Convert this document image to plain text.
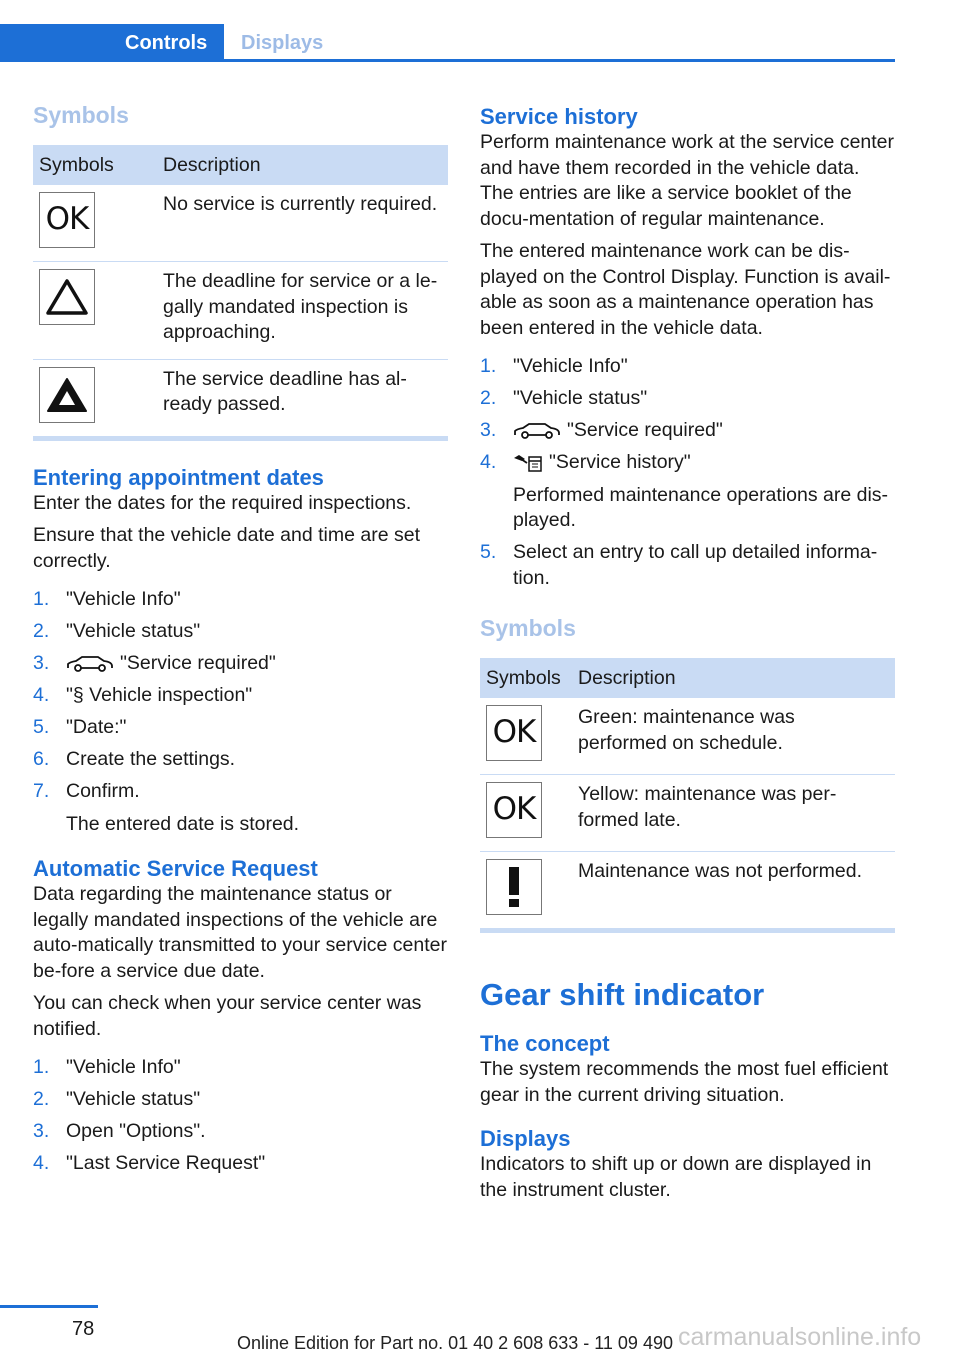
Controls	Displays
Symbols
Symbols	Description

OK	No service is currently required.

	The deadline for service or a le‐gally mandated inspection is approaching.

	The service deadline has al‐ready passed.
Entering appointment dates

Enter the dates for the required inspections.

Ensure that the vehicle date and time are set correctly.

1. "Vehicle Info"
2. "Vehicle status"
3.	"Service required"
4. "§ Vehicle inspection"
5. "Date:"
6. Create the settings.
7. Confirm.
The entered date is stored.
Automatic Service Request

Data regarding the maintenance status or legally mandated inspections of the vehicle are auto‐matically transmitted to your service center be‐fore a service due date.

You can check when your service center was notified.

1. "Vehicle Info"
2. "Vehicle status"
3. Open "Options".
4. "Last Service Request"
Service history

Perform maintenance work at the service center and have them recorded in the vehicle data. The entries are like a service booklet of the docu‐mentation of regular maintenance.

The entered maintenance work can be dis‐played on the Control Display. Function is avail‐able as soon as a maintenance operation has been entered in the vehicle data.

1. "Vehicle Info"
2. "Vehicle status"
3.	"Service required"
4.	"Service history"
Performed maintenance operations are dis‐played.
5. Select an entry to call up detailed informa‐tion.
Symbols
Symbols	Description

OK	Green: maintenance was performed on schedule.

OK	Yellow: maintenance was per‐formed late.

	Maintenance was not performed.
Gear shift indicator
The concept

The system recommends the most fuel efficient gear in the current driving situation.

Displays

Indicators to shift up or down are displayed in the instrument cluster.

78
Online Edition for Part no. 01 40 2 608 633 - 11 09 490 carmanualsonline.info
